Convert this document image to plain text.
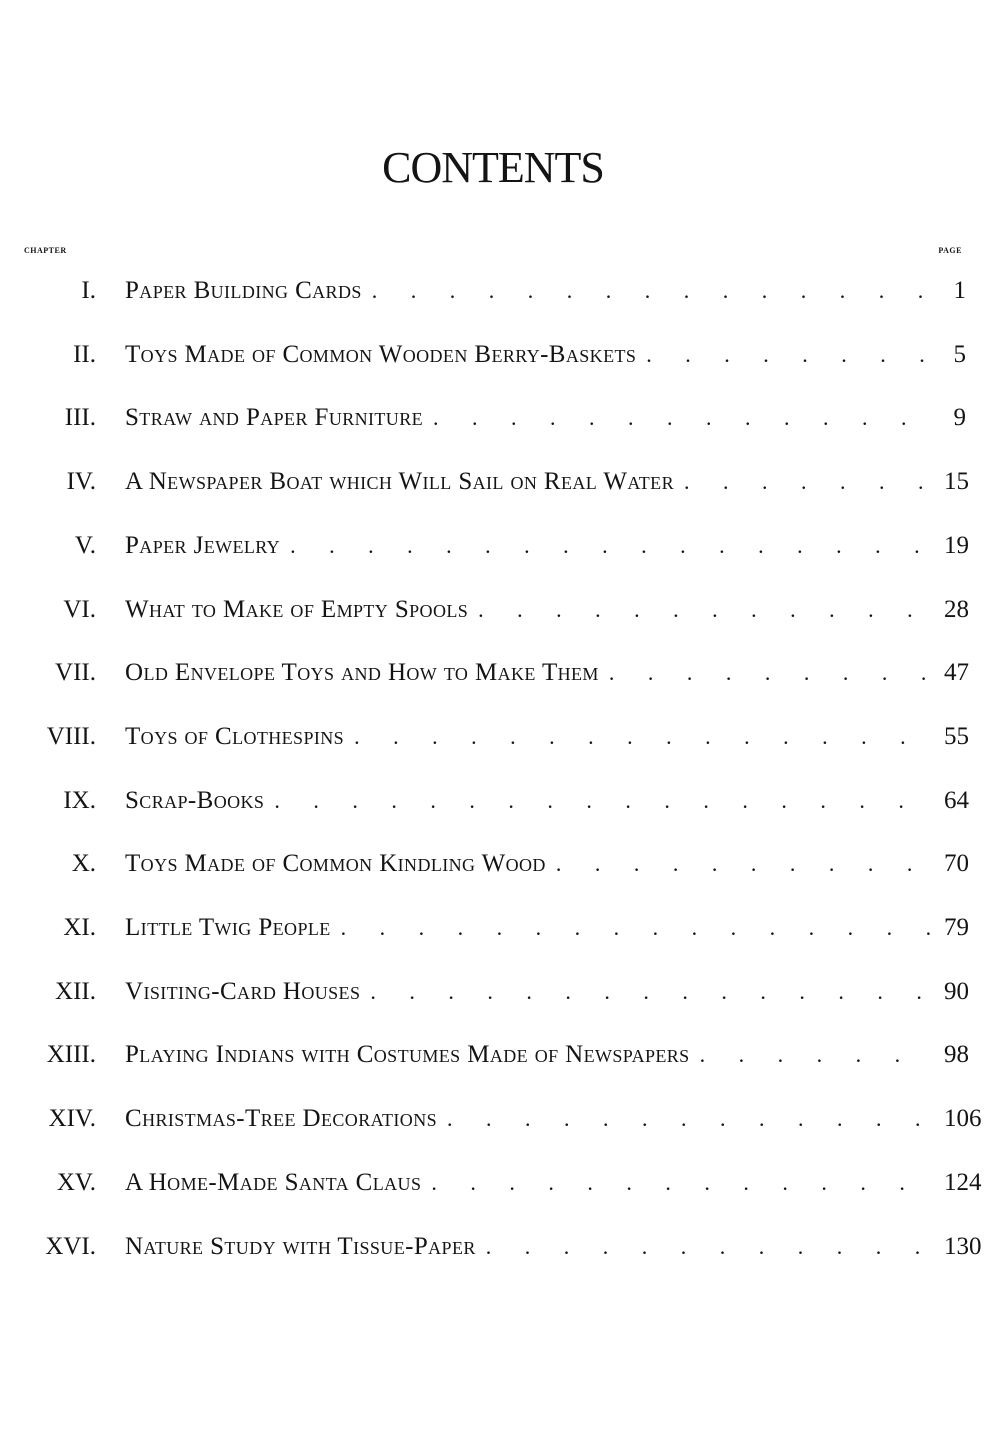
CONTENTS
chapter	page
I. Paper Building Cards . . .	1
II. Toys Made of Common Wooden Berry-Baskets . . .	5
III. Straw and Paper Furniture . . .	9
IV. A Newspaper Boat which Will Sail on Real Water . . .	15
V. Paper Jewelry . . .	19
VI. What to Make of Empty Spools . . .	28
VII. Old Envelope Toys and How to Make Them . . .	47
VIII. Toys of Clothespins . . .	55
IX. Scrap-Books . . .	64
X. Toys Made of Common Kindling Wood . . .	70
XI. Little Twig People . . .	79
XII. Visiting-Card Houses . . .	90
XIII. Playing Indians with Costumes Made of Newspapers . . .	98
XIV. Christmas-Tree Decorations . . .	106
XV. A Home-Made Santa Claus . . .	124
XVI. Nature Study with Tissue-Paper . . .	130
